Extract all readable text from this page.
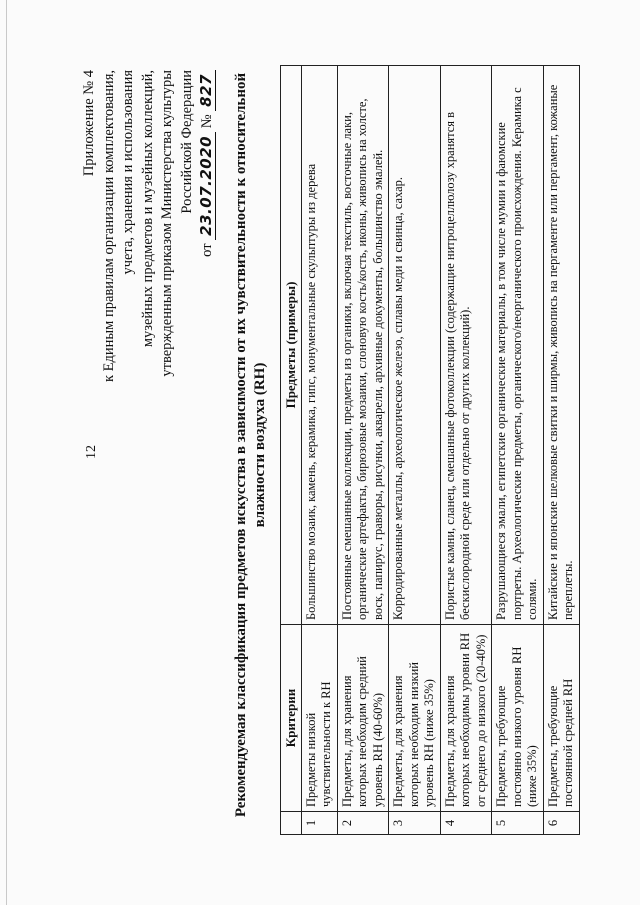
12
Приложение № 4 к Единым правилам организации комплектования, учета, хранения и использования музейных предметов и музейных коллекций, утвержденным приказом Министерства культуры Российской Федерации
от 23.07.2020 № 827 Рекомендуемая классификация предметов искусства в зависимости от их чувствительности к относительной влажности воздуха (RH)
	Критерии	Предметы (примеры)
1	Предметы низкой чувствительности к RH	Большинство мозаик, камень, керамика, гипс, монументальные скульптуры из дерева
2	Предметы, для хранения которых необходим средний уровень RH (40-60%)	Постоянные смешанные коллекции, предметы из органики, включая текстиль, восточные лаки, органические артефакты, бирюзовые мозаики, слоновую кость/кость, иконы, живопись на холсте, воск, папирус, гравюры, рисунки, акварели, архивные документы, большинство эмалей.
3	Предметы, для хранения которых необходим низкий уровень RH (ниже 35%)	Корродированные металлы, археологическое железо, сплавы меди и свинца, сахар.
4	Предметы, для хранения которых необходимы уровни RH от среднего до низкого (20-40%)	Пористые камни, сланец, смешанные фотоколлекции (содержащие нитроцеллюлозу хранятся в бескислородной среде или отдельно от других коллекций).
5	Предметы, требующие постоянно низкого уровня RH (ниже 35%)	Разрушающиеся эмали, египетские органические материалы, в том числе мумии и фаюмские портреты. Археологические предметы, органического/неорганического происхождения. Керамика с солями.
6	Предметы, требующие постоянной средней RH	Китайские и японские шелковые свитки и ширмы, живопись на пергаменте или пергамент, кожаные переплеты.
